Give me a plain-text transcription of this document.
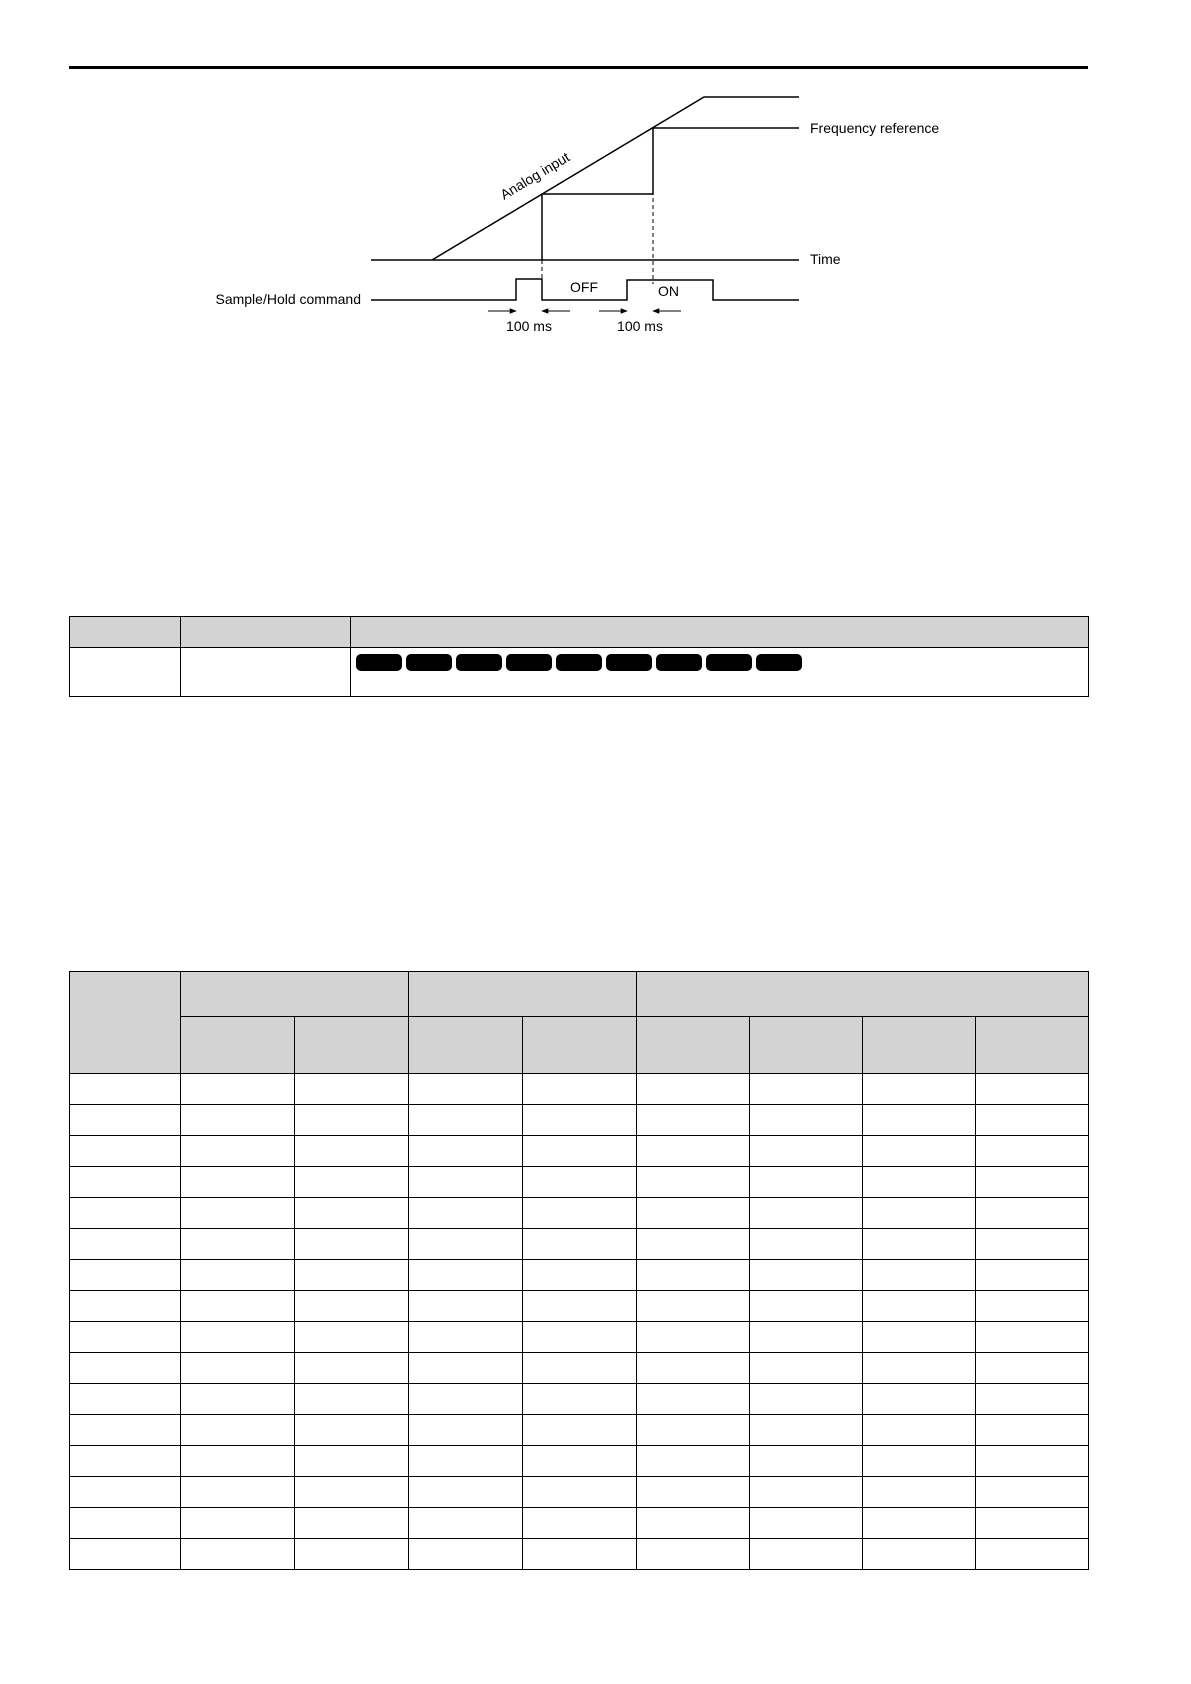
Frequency reference
Analog input
Time
Sample/Hold command
OFF	ON
100 ms	100 ms
